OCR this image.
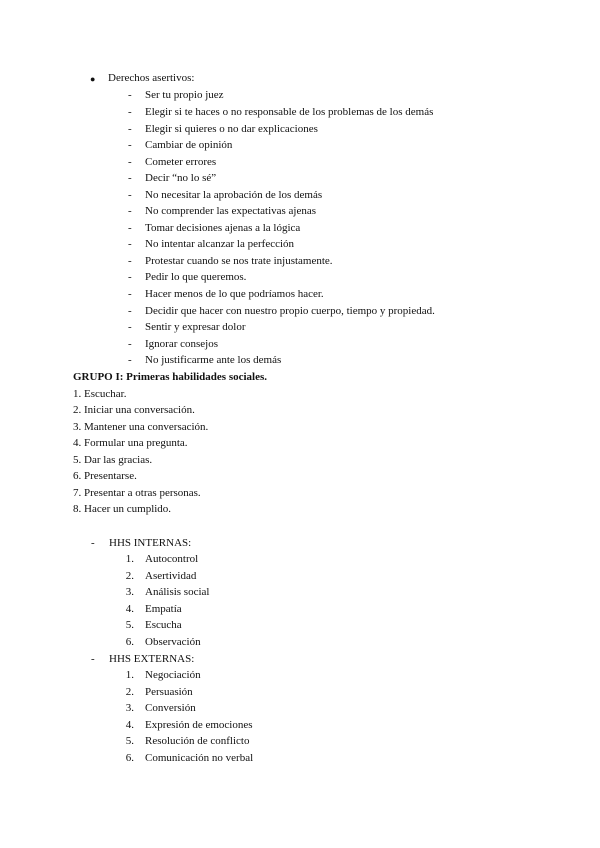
● Derechos asertivos:
- Ser tu propio juez
- Elegir si te haces o no responsable de los problemas de los demás
- Elegir si quieres o no dar explicaciones
- Cambiar de opinión
- Cometer errores
- Decir “no lo sé”
- No necesitar la aprobación de los demás
- No comprender las expectativas ajenas
- Tomar decisiones ajenas a la lógica
- No intentar alcanzar la perfección
- Protestar cuando se nos trate injustamente.
- Pedir lo que queremos.
- Hacer menos de lo que podríamos hacer.
- Decidir que hacer con nuestro propio cuerpo, tiempo y propiedad.
- Sentir y expresar dolor
- Ignorar consejos
- No justificarme ante los demás
GRUPO I: Primeras habilidades sociales.
1. Escuchar.
2. Iniciar una conversación.
3. Mantener una conversación.
4. Formular una pregunta.
5. Dar las gracias.
6. Presentarse.
7. Presentar a otras personas.
8. Hacer un cumplido.
- HHS INTERNAS:
1. Autocontrol
2. Asertividad
3. Análisis social
4. Empatía
5. Escucha
6. Observación
- HHS EXTERNAS:
1. Negociación
2. Persuasión
3. Conversión
4. Expresión de emociones
5. Resolución de conflicto
6. Comunicación no verbal
